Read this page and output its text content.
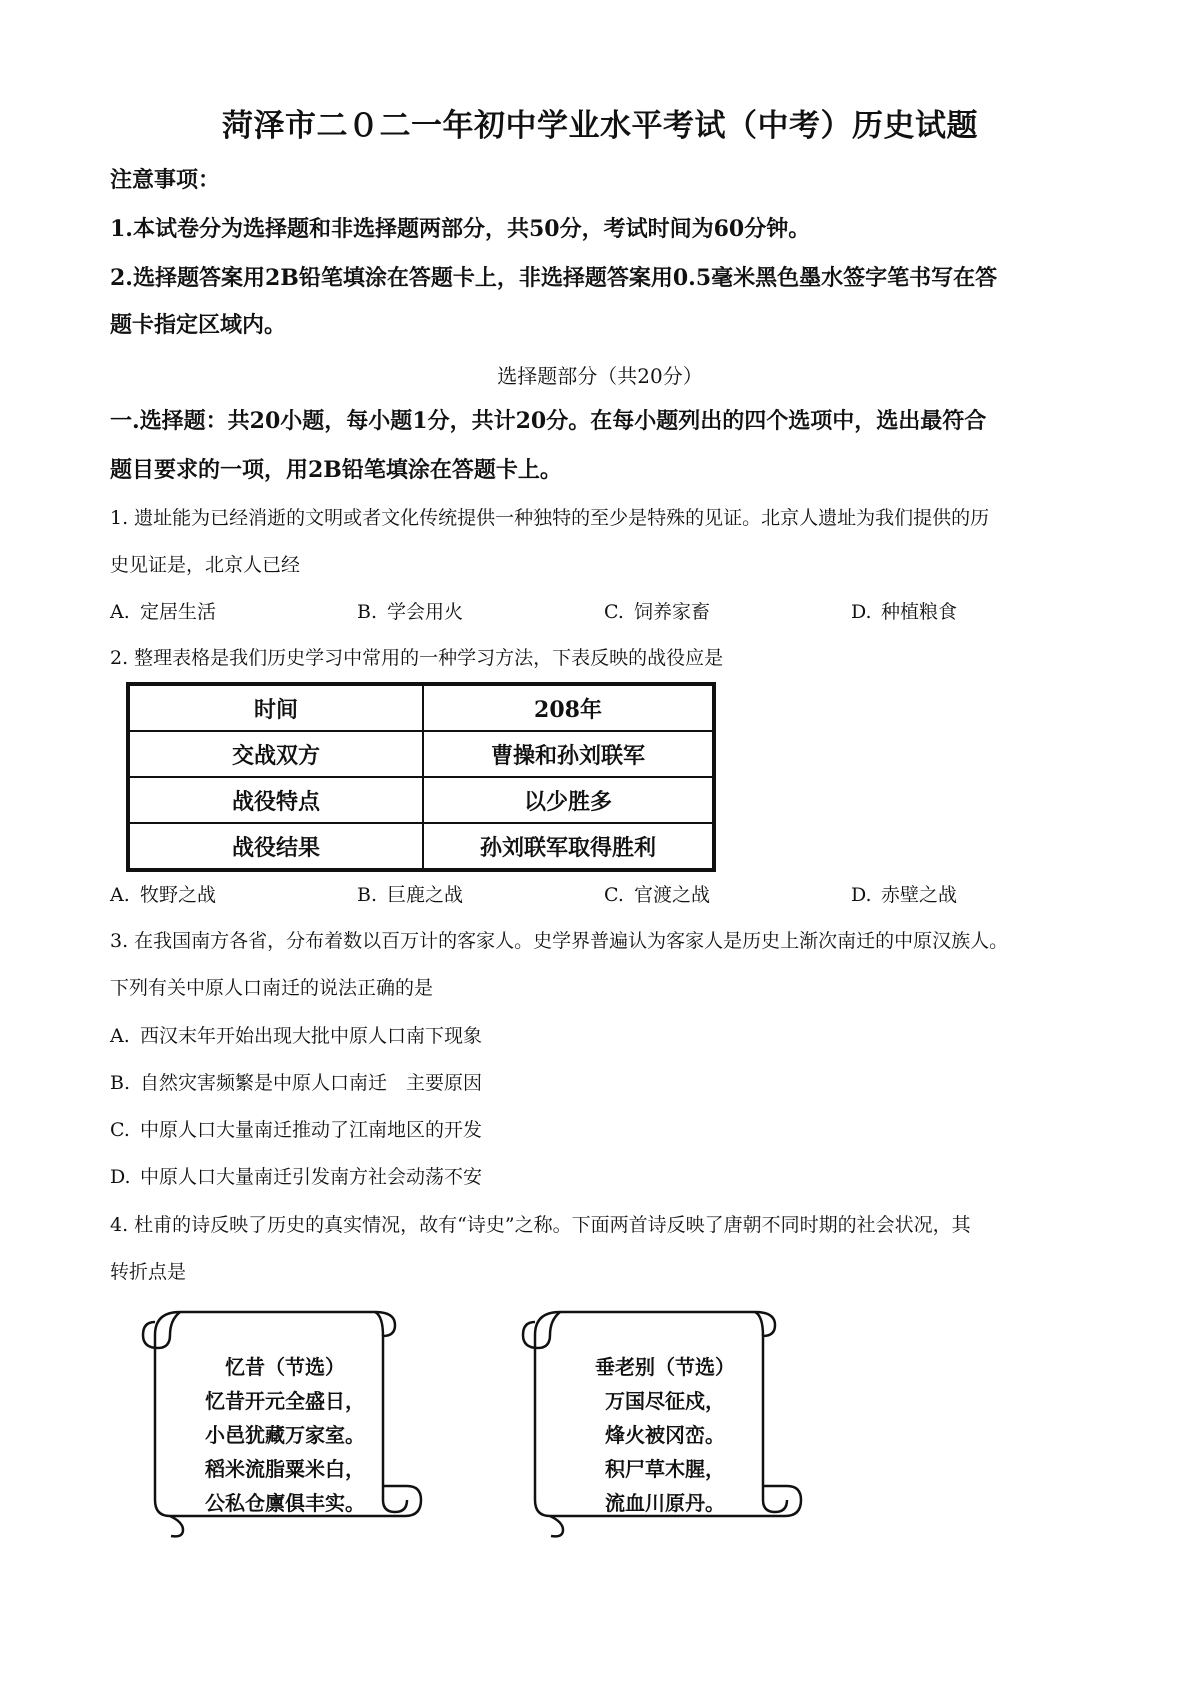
菏泽市二０二一年初中学业水平考试（中考）历史试题
注意事项：
1.本试卷分为选择题和非选择题两部分，共50分，考试时间为60分钟。
2.选择题答案用2B铅笔填涂在答题卡上，非选择题答案用0.5毫米黑色墨水签字笔书写在答
题卡指定区域内。
选择题部分（共20分）
一.选择题：共20小题，每小题1分，共计20分。在每小题列出的四个选项中，选出最符合
题目要求的一项，用2B铅笔填涂在答题卡上。
1. 遗址能为已经消逝的文明或者文化传统提供一种独特的至少是特殊的见证。北京人遗址为我们提供的历
史见证是，北京人已经
A. 定居生活	B. 学会用火	C. 饲养家畜	D. 种植粮食
2. 整理表格是我们历史学习中常用的一种学习方法，下表反映的战役应是
时间	208年
交战双方	曹操和孙刘联军
战役特点	以少胜多
战役结果	孙刘联军取得胜利
A. 牧野之战	B. 巨鹿之战	C. 官渡之战	D. 赤壁之战
3. 在我国南方各省，分布着数以百万计的客家人。史学界普遍认为客家人是历史上渐次南迁的中原汉族人。
下列有关中原人口南迁的说法正确的是
A. 西汉末年开始出现大批中原人口南下现象
B. 自然灾害频繁是中原人口南迁　主要原因
C. 中原人口大量南迁推动了江南地区的开发
D. 中原人口大量南迁引发南方社会动荡不安
4. 杜甫的诗反映了历史的真实情况，故有“诗史”之称。下面两首诗反映了唐朝不同时期的社会状况，其
转折点是
忆昔（节选）
忆昔开元全盛日，
小邑犹藏万家室。
稻米流脂粟米白，
公私仓廪俱丰实。
垂老别（节选）
万国尽征戍，
烽火被冈峦。
积尸草木腥，
流血川原丹。
